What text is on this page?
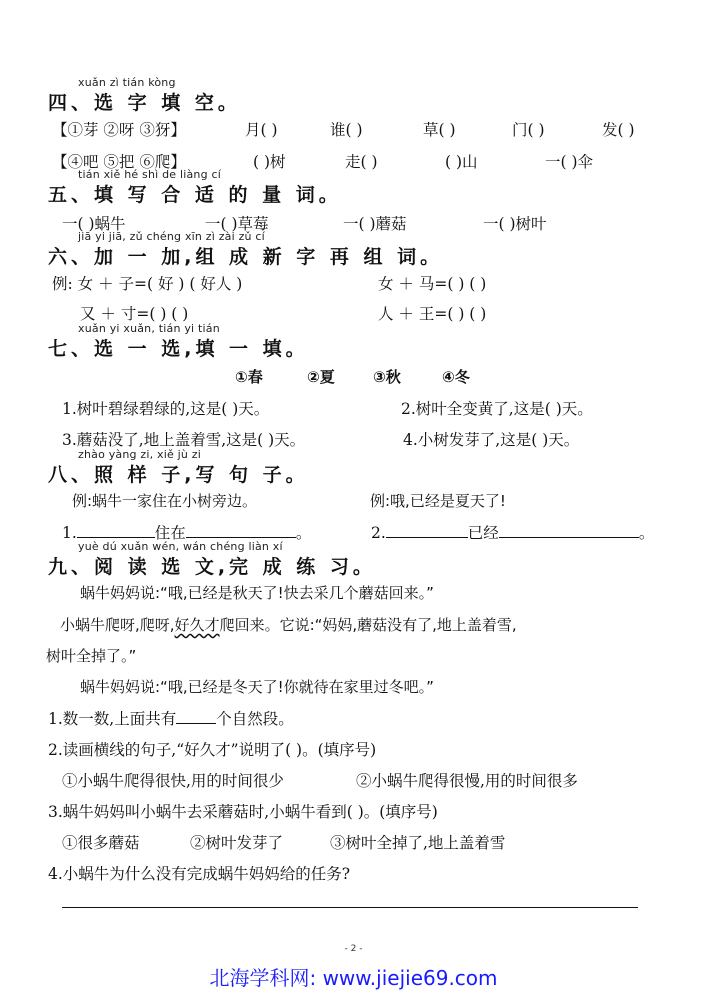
xuǎn zì tián kòng
四、选 字 填 空。
【①芽 ②呀 ③犽】	月( )	谁( )	草( )	门( )	发( )
【④吧 ⑤把 ⑥爬】	( )树	走( )	( )山	一( )伞
tián xiě hé shì de liàng cí
五、填 写 合 适 的 量 词。
一( )蜗牛	一( )草莓	一( )蘑菇	一( )树叶
jiā yi jiā, zǔ chéng xīn zì zài zǔ cí
六、加 一 加,组 成 新 字 再 组 词。
例: 女 ＋ 子=( 好 ) ( 好人 )	女 ＋ 马=( ) ( )
又 ＋ 寸=( ) ( )	人 ＋ 王=( ) ( )
xuǎn yi xuǎn, tián yi tián
七、选 一 选,填 一 填。
①春	②夏	③秋	④冬
1.树叶碧绿碧绿的,这是( )天。	2.树叶全变黄了,这是( )天。
3.蘑菇没了,地上盖着雪,这是( )天。	4.小树发芽了,这是( )天。
zhào yàng zi, xiě jù zi
八、照 样 子,写 句 子。
例:蜗牛一家住在小树旁边。	例:哦,已经是夏天了!
1.	住在	。	2.	已经	。
yuè dú xuǎn wén, wán chéng liàn xí
九、阅 读 选 文,完 成 练 习。
蜗牛妈妈说:“哦,已经是秋天了!快去采几个蘑菇回来。”
小蜗牛爬呀,爬呀,好久才爬回来。它说:“妈妈,蘑菇没有了,地上盖着雪,
树叶全掉了。”
蜗牛妈妈说:“哦,已经是冬天了!你就待在家里过冬吧。”
1.数一数,上面共有	个自然段。
2.读画横线的句子,“好久才”说明了( )。(填序号)
①小蜗牛爬得很快,用的时间很少	②小蜗牛爬得很慢,用的时间很多
3.蜗牛妈妈叫小蜗牛去采蘑菇时,小蜗牛看到( )。(填序号)
①很多蘑菇	②树叶发芽了	③树叶全掉了,地上盖着雪
4.小蜗牛为什么没有完成蜗牛妈妈给的任务?
- 2 -
北海学科网: www.jiejie69.com
